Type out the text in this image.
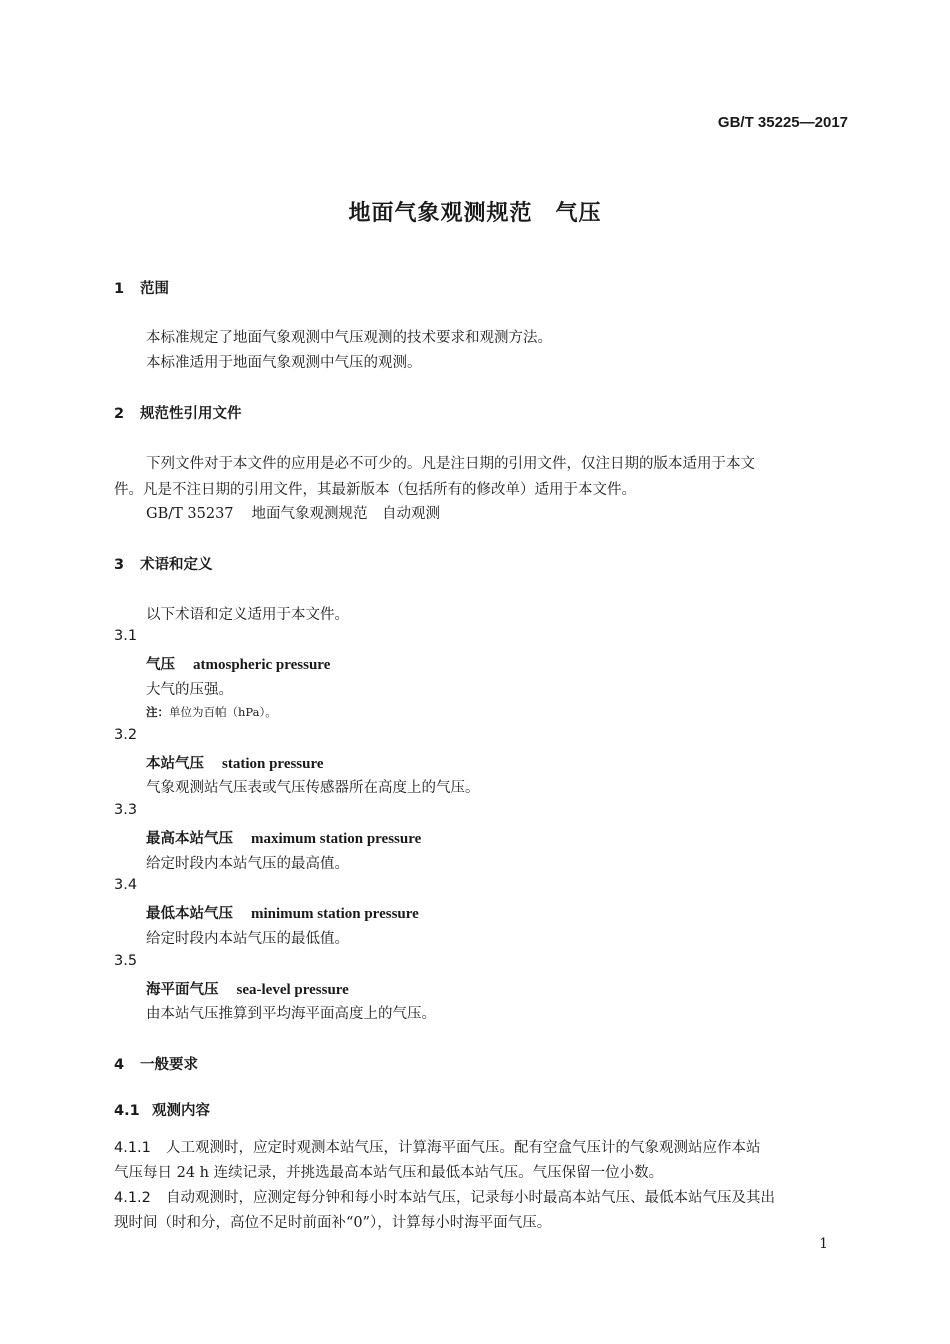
GB/T 35225—2017
地面气象观测规范　气压
1 范围
本标准规定了地面气象观测中气压观测的技术要求和观测方法。
本标准适用于地面气象观测中气压的观测。
2 规范性引用文件
下列文件对于本文件的应用是必不可少的。凡是注日期的引用文件，仅注日期的版本适用于本文
件。凡是不注日期的引用文件，其最新版本（包括所有的修改单）适用于本文件。
GB/T 35237 地面气象观测规范　自动观测
3 术语和定义
以下术语和定义适用于本文件。
3.1
气压 atmospheric pressure
大气的压强。
注：单位为百帕（hPa）。
3.2
本站气压 station pressure
气象观测站气压表或气压传感器所在高度上的气压。
3.3
最高本站气压 maximum station pressure
给定时段内本站气压的最高值。
3.4
最低本站气压 minimum station pressure
给定时段内本站气压的最低值。
3.5
海平面气压 sea-level pressure
由本站气压推算到平均海平面高度上的气压。
4 一般要求
4.1 观测内容
4.1.1 人工观测时，应定时观测本站气压，计算海平面气压。配有空盒气压计的气象观测站应作本站
气压每日 24 h 连续记录，并挑选最高本站气压和最低本站气压。气压保留一位小数。
4.1.2 自动观测时，应测定每分钟和每小时本站气压，记录每小时最高本站气压、最低本站气压及其出
现时间（时和分，高位不足时前面补“0”），计算每小时海平面气压。
1
